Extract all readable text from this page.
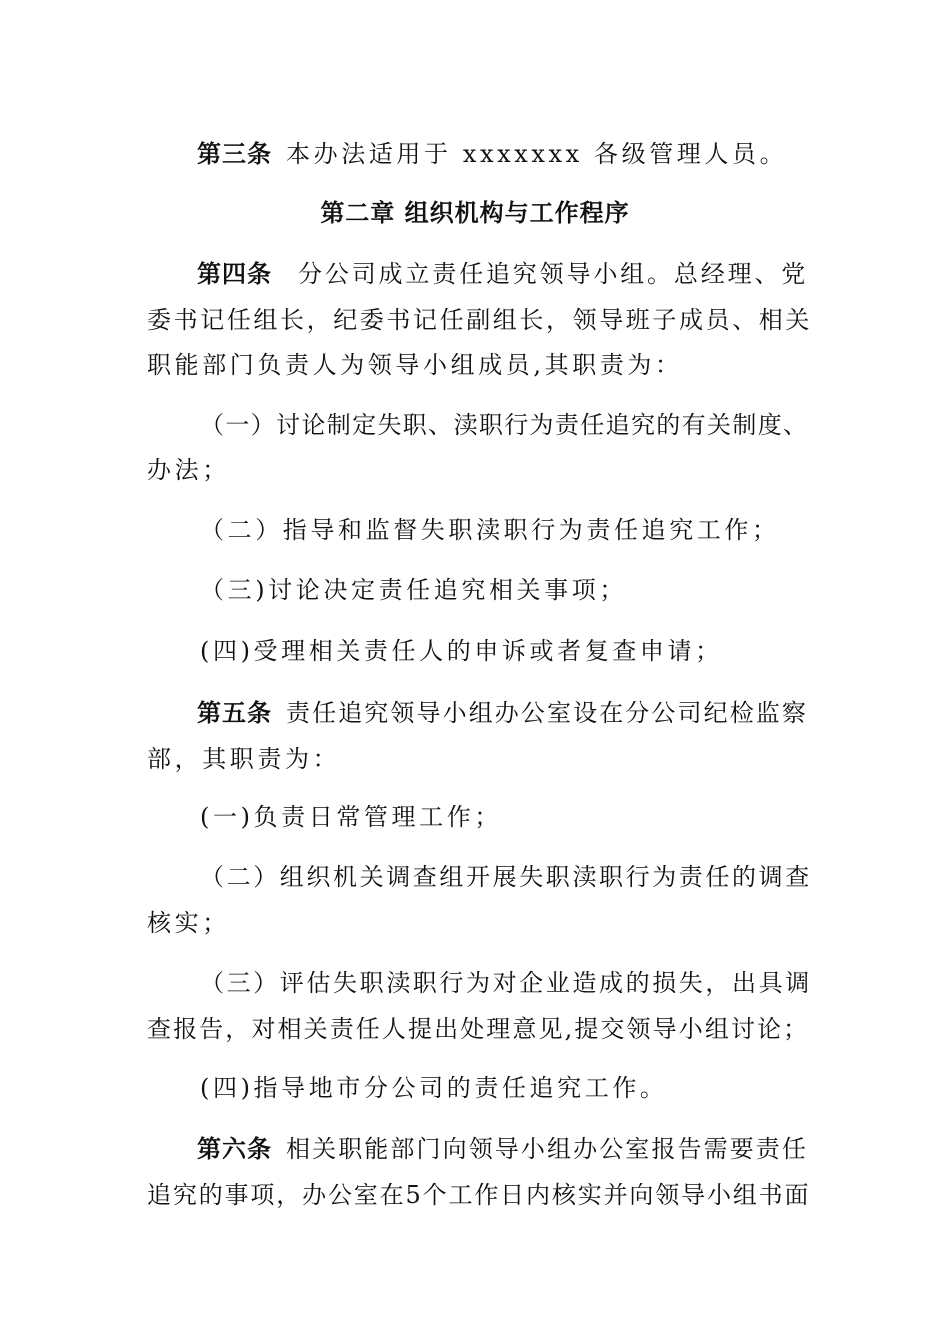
第三条 本办法适用于 xxxxxxx 各级管理人员。
第二章 组织机构与工作程序
第四条 分公司成立责任追究领导小组。总经理、党
委书记任组长，纪委书记任副组长，领导班子成员、相关
职能部门负责人为领导小组成员,其职责为：
（一）讨论制定失职、渎职行为责任追究的有关制度、
办法；
（二）指导和监督失职渎职行为责任追究工作；
（三)讨论决定责任追究相关事项；
(四)受理相关责任人的申诉或者复查申请；
第五条 责任追究领导小组办公室设在分公司纪检监察
部，其职责为：
(一)负责日常管理工作；
（二）组织机关调查组开展失职渎职行为责任的调查
核实；
（三）评估失职渎职行为对企业造成的损失，出具调
查报告，对相关责任人提出处理意见,提交领导小组讨论；
(四)指导地市分公司的责任追究工作。
第六条 相关职能部门向领导小组办公室报告需要责任
追究的事项，办公室在5个工作日内核实并向领导小组书面
